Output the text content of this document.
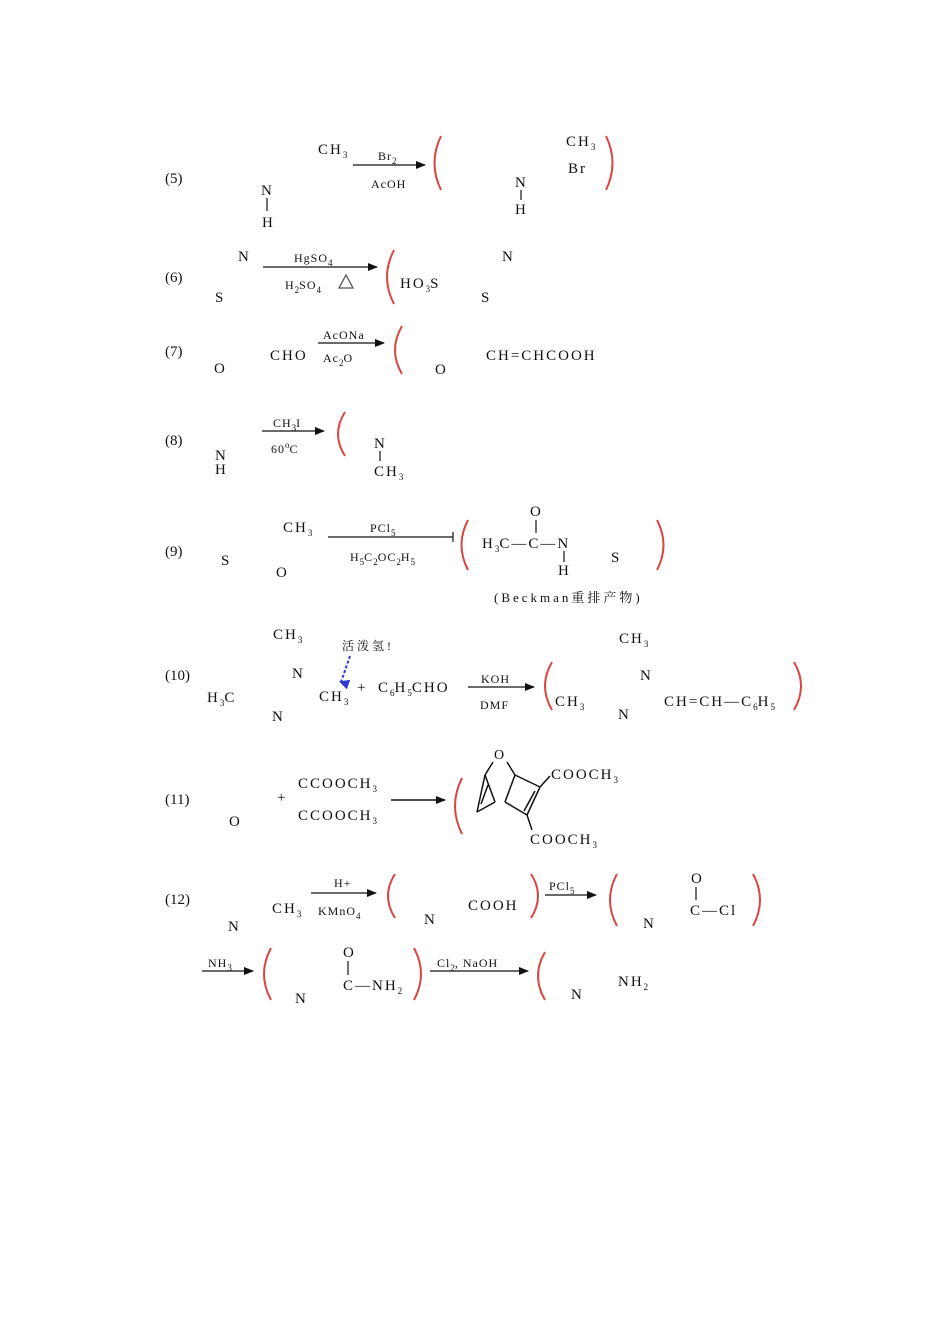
(5)
$CH_3$
N
H
$Br_2$
AcOH
$CH_3$
Br
N
H
(6)
N
S
HgSO$_4$
$H_2SO_4$	$HO_3S$
N
S
(7)
O
CHO
AcONa
$Ac_2O$
O
CH=CHCOOH
(8)
N
H
$CH_3I$
60$^o$C	N
$CH_3$
(9)
$CH_3$
S
O
PCl$_5$
$H_5C_2OC_2H_5$
O
$H_3C—C—N$
H
S
(Beckman重排产物)
(10)
活泼氢!
$CH_3$
N
N
$H_3C$	$CH_3$
+ $C_6H_5CHO$
KOH
DMF
$CH_3$
N
N
$CH_3$	$CH=CH—C_6H_5$
(11)
O
+
$CCOOCH_3$
$CCOOCH_3$
O
$COOCH_3$
$COOCH_3$
(12)
N
$CH_3$
H+
KMnO$_4$	N
COOH
PCl$_5$
O
N
C—Cl
$NH_3$
O
N
$C—NH_2$
$Cl_2$, NaOH
N
$NH_2$
